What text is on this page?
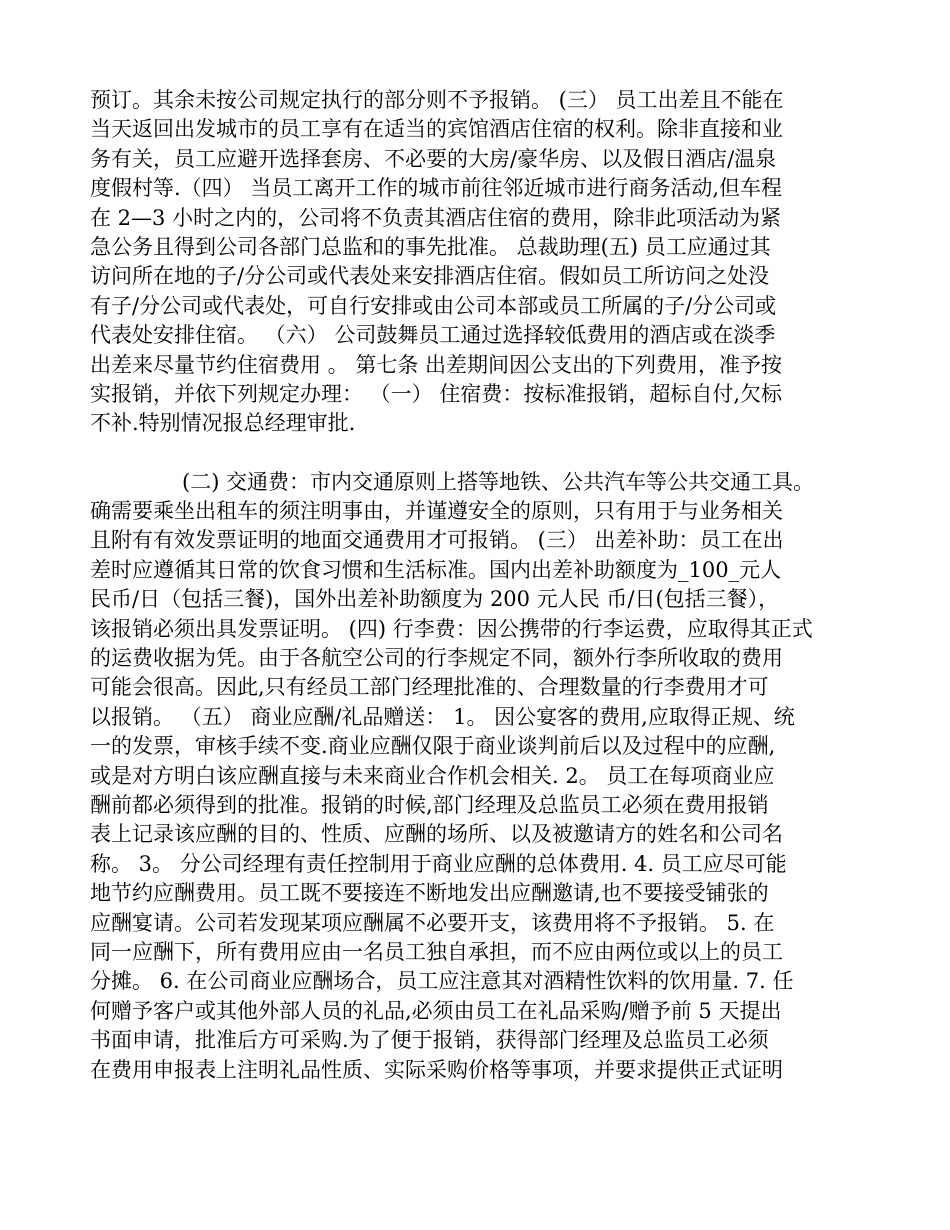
预订。其余未按公司规定执行的部分则不予报销。 (三） 员工出差且不能在
当天返回出发城市的员工享有在适当的宾馆酒店住宿的权利。除非直接和业
务有关，员工应避开选择套房、不必要的大房/豪华房、以及假日酒店/温泉
度假村等.（四） 当员工离开工作的城市前往邻近城市进行商务活动,但车程
在 2—3 小时之内的，公司将不负责其酒店住宿的费用，除非此项活动为紧
急公务且得到公司各部门总监和的事先批准。 总裁助理(五) 员工应通过其
访问所在地的子/分公司或代表处来安排酒店住宿。假如员工所访问之处没
有子/分公司或代表处，可自行安排或由公司本部或员工所属的子/分公司或
代表处安排住宿。 （六） 公司鼓舞员工通过选择较低费用的酒店或在淡季
出差来尽量节约住宿费用 。 第七条 出差期间因公支出的下列费用，准予按
实报销，并依下列规定办理： （一） 住宿费：按标准报销，超标自付,欠标
不补.特别情况报总经理审批.
(二) 交通费：市内交通原则上搭等地铁、公共汽车等公共交通工具。
确需要乘坐出租车的须注明事由，并谨遵安全的原则，只有用于与业务相关
且附有有效发票证明的地面交通费用才可报销。 (三） 出差补助：员工在出
差时应遵循其日常的饮食习惯和生活标准。国内出差补助额度为_100_元人
民币/日（包括三餐)，国外出差补助额度为 200 元人民 币/日(包括三餐），
该报销必须出具发票证明。 (四) 行李费：因公携带的行李运费，应取得其正式
的运费收据为凭。由于各航空公司的行李规定不同，额外行李所收取的费用
可能会很高。因此,只有经员工部门经理批准的、合理数量的行李费用才可
以报销。 （五） 商业应酬/礼品赠送： 1。 因公宴客的费用,应取得正规、统
一的发票，审核手续不变.商业应酬仅限于商业谈判前后以及过程中的应酬,
或是对方明白该应酬直接与未来商业合作机会相关. 2。 员工在每项商业应
酬前都必须得到的批准。报销的时候,部门经理及总监员工必须在费用报销
表上记录该应酬的目的、性质、应酬的场所、以及被邀请方的姓名和公司名
称。 3。 分公司经理有责任控制用于商业应酬的总体费用. 4. 员工应尽可能
地节约应酬费用。员工既不要接连不断地发出应酬邀请,也不要接受铺张的
应酬宴请。公司若发现某项应酬属不必要开支，该费用将不予报销。 5. 在
同一应酬下，所有费用应由一名员工独自承担，而不应由两位或以上的员工
分摊。 6. 在公司商业应酬场合，员工应注意其对酒精性饮料的饮用量. 7. 任
何赠予客户或其他外部人员的礼品,必须由员工在礼品采购/赠予前 5 天提出
书面申请，批准后方可采购.为了便于报销，获得部门经理及总监员工必须
在费用申报表上注明礼品性质、实际采购价格等事项，并要求提供正式证明
